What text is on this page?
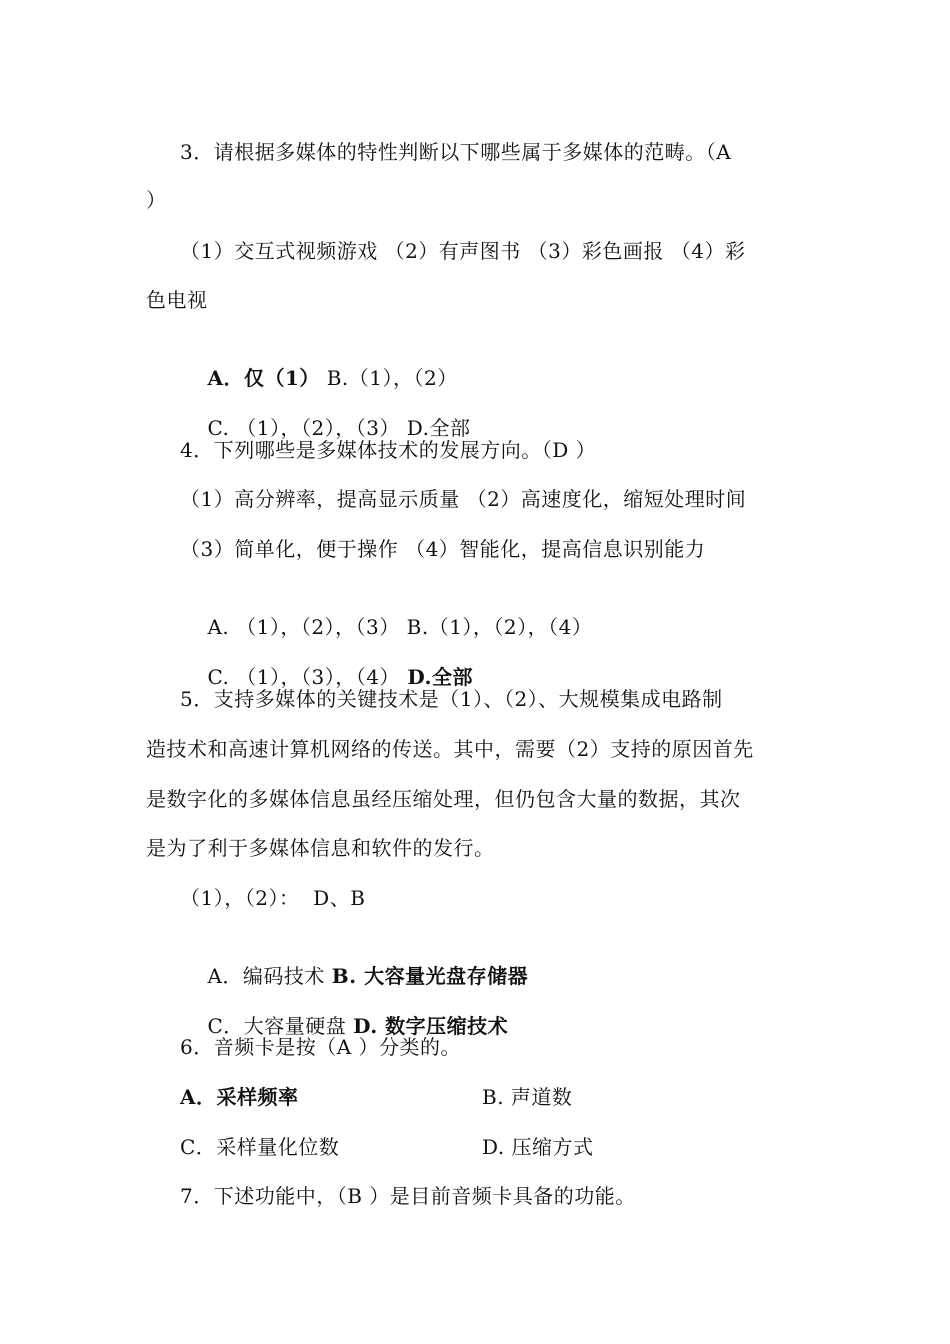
3．请根据多媒体的特性判断以下哪些属于多媒体的范畴。（A
）
（1）交互式视频游戏 （2）有声图书 （3）彩色画报 （4）彩
色电视

A．仅（1） B.（1），（2）

C. （1），（2），（3） D.全部

4．下列哪些是多媒体技术的发展方向。（D ）
（1）高分辨率，提高显示质量 （2）高速度化，缩短处理时间
（3）简单化，便于操作 （4）智能化，提高信息识别能力

A. （1），（2），（3） B.（1），（2），（4）

C. （1），（3），（4） D.全部

5．支持多媒体的关键技术是（1）、（2）、大规模集成电路制
造技术和高速计算机网络的传送。其中，需要（2）支持的原因首先
是数字化的多媒体信息虽经压缩处理，但仍包含大量的数据，其次
是为了利于多媒体信息和软件的发行。
（1），（2）：  D、B

A．编码技术 B. 大容量光盘存储器

C．大容量硬盘 D. 数字压缩技术

6．音频卡是按（A ）分类的。
A．采样频率	B. 声道数
C．采样量化位数	D. 压缩方式
7．下述功能中，（B ）是目前音频卡具备的功能。
